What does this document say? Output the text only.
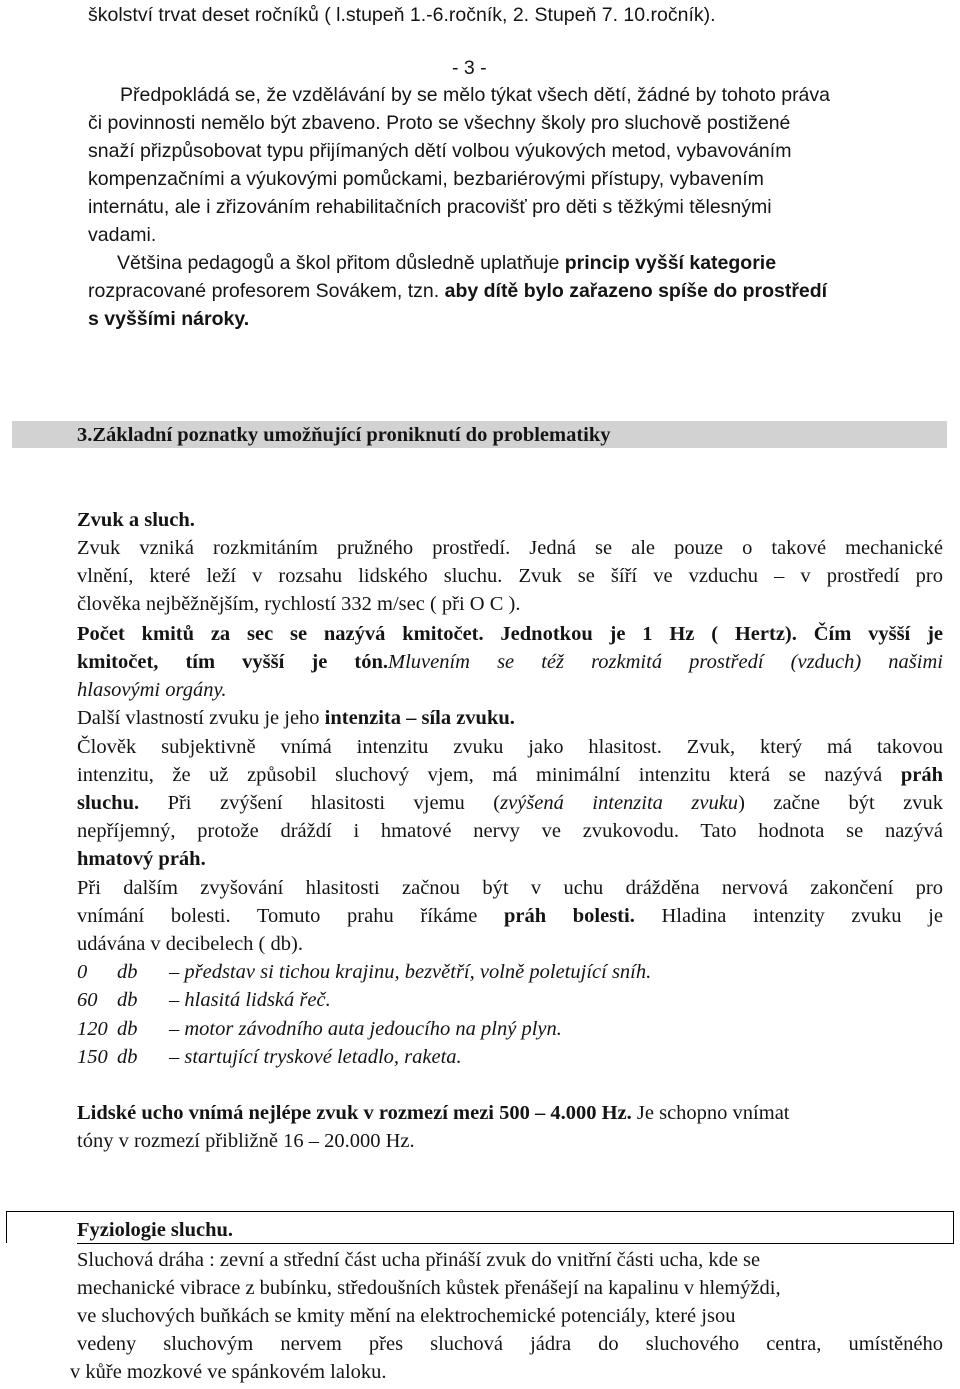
školství trvat deset ročníků ( l.stupeň 1.-6.ročník, 2. Stupeň 7. 10.ročník).
- 3 -
Předpokládá se, že vzdělávání by se mělo týkat všech dětí, žádné by tohoto práva
či povinnosti nemělo být zbaveno. Proto se všechny školy pro sluchově postižené
snaží přizpůsobovat typu přijímaných dětí volbou výukových metod, vybavováním
kompenzačními a výukovými pomůckami, bezbariérovými přístupy, vybavením
internátu, ale i zřizováním rehabilitačních pracovišť pro děti s těžkými tělesnými
vadami.
Většina pedagogů a škol přitom důsledně uplatňuje princip vyšší kategorie
rozpracované profesorem Sovákem, tzn. aby dítě bylo zařazeno spíše do prostředí
s vyššími nároky.
3.Základní poznatky umožňující proniknutí do problematiky
Zvuk a sluch.
Zvuk vzniká rozkmitáním pružného prostředí. Jedná se ale pouze o takové mechanické
vlnění, které leží v rozsahu lidského sluchu. Zvuk se šíří ve vzduchu – v prostředí pro
člověka nejběžnějším, rychlostí 332 m/sec ( při O C ).
Počet kmitů za sec se nazývá kmitočet. Jednotkou je 1 Hz ( Hertz). Čím vyšší je
kmitočet, tím vyšší je tón.Mluvením se též rozkmitá prostředí (vzduch) našimi
hlasovými orgány.
Další vlastností zvuku je jeho intenzita – síla zvuku.
Člověk subjektivně vnímá intenzitu zvuku jako hlasitost. Zvuk, který má takovou
intenzitu, že už způsobil sluchový vjem, má minimální intenzitu která se nazývá práh
sluchu. Při zvýšení hlasitosti vjemu (zvýšená intenzita zvuku) začne být zvuk
nepříjemný, protože dráždí i hmatové nervy ve zvukovodu. Tato hodnota se nazývá
hmatový práh.
Při dalším zvyšování hlasitosti začnou být v uchu drážděna nervová zakončení pro
vnímání bolesti. Tomuto prahu říkáme práh bolesti. Hladina intenzity zvuku je
udávána v decibelech ( db).
0	db	– představ si tichou krajinu, bezvětří, volně poletující sníh.
60	db	– hlasitá lidská řeč.
120	db	– motor závodního auta jedoucího na plný plyn.
150	db	– startující tryskové letadlo, raketa.
Lidské ucho vnímá nejlépe zvuk v rozmezí mezi 500 – 4.000 Hz. Je schopno vnímat
tóny v rozmezí přibližně 16 – 20.000 Hz.
Fyziologie sluchu.
Sluchová dráha : zevní a střední část ucha přináší zvuk do vnitřní části ucha, kde se
mechanické vibrace z bubínku, středoušních kůstek přenášejí na kapalinu v hlemýždi,
ve sluchových buňkách se kmity mění na elektrochemické potenciály, které jsou
vedeny sluchovým nervem přes sluchová jádra do sluchového centra, umístěného
v kůře mozkové ve spánkovém laloku.
